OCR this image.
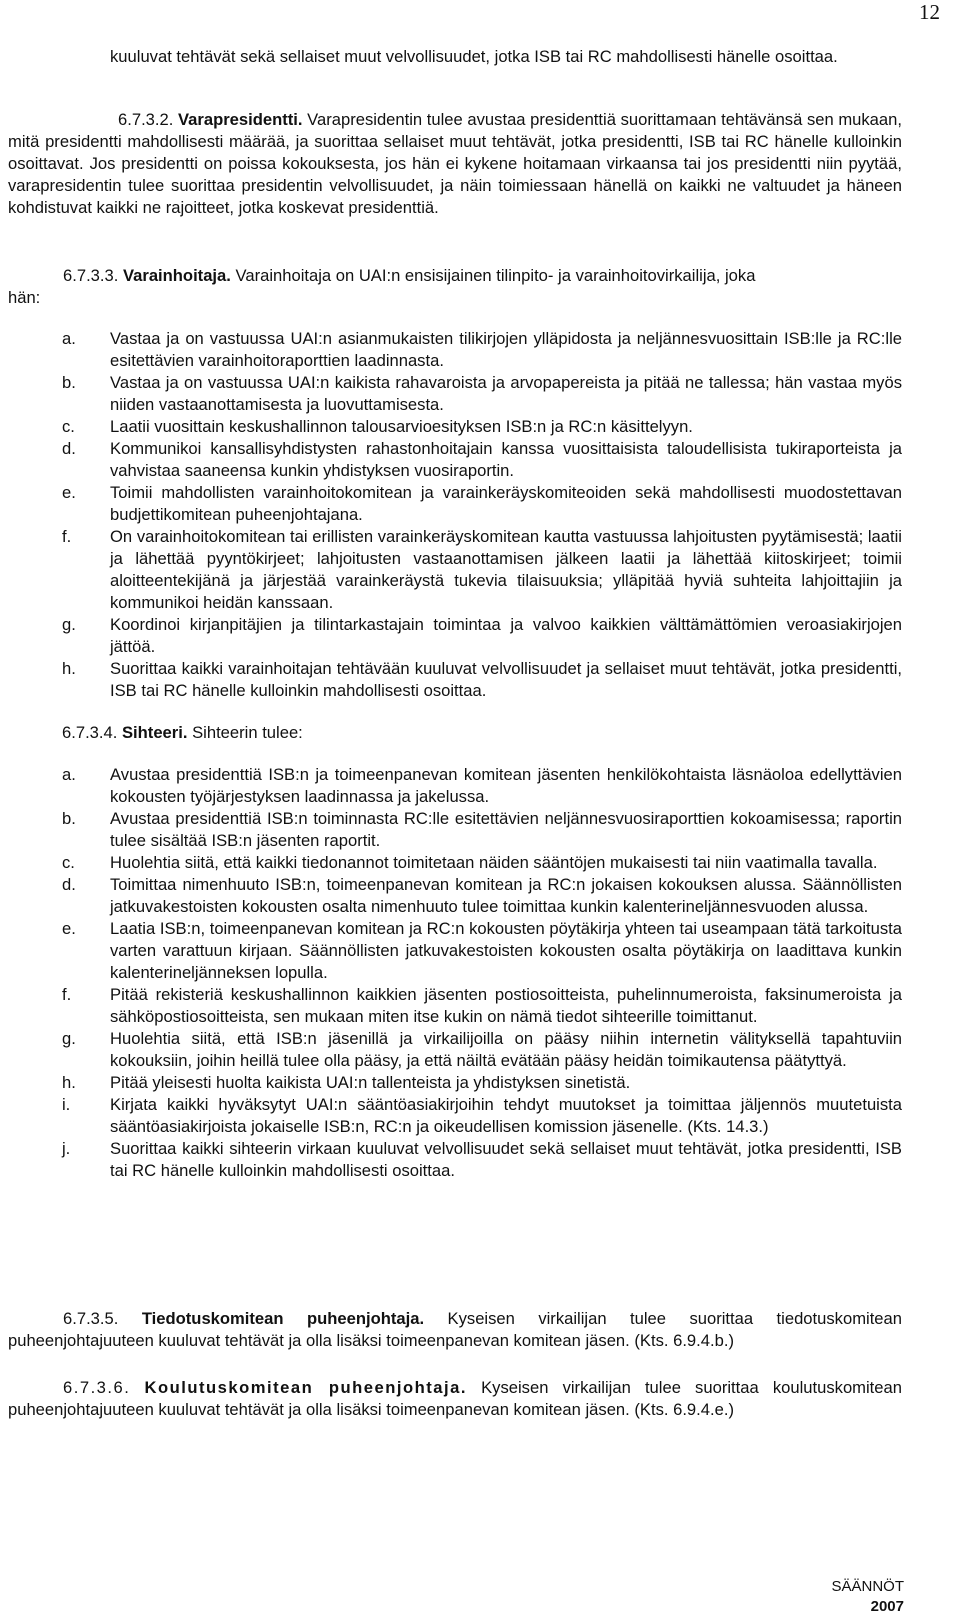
12

kuuluvat tehtävät sekä sellaiset muut velvollisuudet, jotka ISB tai RC mahdollisesti hänelle osoittaa.

6.7.3.2. Varapresidentti. Varapresidentin tulee avustaa presidenttiä suorittamaan tehtävänsä sen mukaan, mitä presidentti mahdollisesti määrää, ja suorittaa sellaiset muut tehtävät, jotka presidentti, ISB tai RC hänelle kulloinkin osoittavat. Jos presidentti on poissa kokouksesta, jos hän ei kykene hoitamaan virkaansa tai jos presidentti niin pyytää, varapresidentin tulee suorittaa presidentin velvollisuudet, ja näin toimiessaan hänellä on kaikki ne valtuudet ja häneen kohdistuvat kaikki ne rajoitteet, jotka koskevat presidenttiä.

6.7.3.3. Varainhoitaja. Varainhoitaja on UAI:n ensisijainen tilinpito- ja varainhoitovirkailija, joka
hän:

a. Vastaa ja on vastuussa UAI:n asianmukaisten tilikirjojen ylläpidosta ja neljännesvuosittain ISB:lle ja RC:lle esitettävien varainhoitoraporttien laadinnasta.
b. Vastaa ja on vastuussa UAI:n kaikista rahavaroista ja arvopapereista ja pitää ne tallessa; hän vastaa myös niiden vastaanottamisesta ja luovuttamisesta.
c. Laatii vuosittain keskushallinnon talousarvioesityksen ISB:n ja RC:n käsittelyyn.
d. Kommunikoi kansallisyhdistysten rahastonhoitajain kanssa vuosittaisista taloudellisista tukiraporteista ja vahvistaa saaneensa kunkin yhdistyksen vuosiraportin.
e. Toimii mahdollisten varainhoitokomitean ja varainkeräyskomiteoiden sekä mahdollisesti muodostettavan budjettikomitean puheenjohtajana.
f. On varainhoitokomitean tai erillisten varainkeräyskomitean kautta vastuussa lahjoitusten pyytämisestä; laatii ja lähettää pyyntökirjeet; lahjoitusten vastaanottamisen jälkeen laatii ja lähettää kiitoskirjeet; toimii aloitteentekijänä ja järjestää varainkeräystä tukevia tilaisuuksia; ylläpitää hyviä suhteita lahjoittajiin ja kommunikoi heidän kanssaan.
g. Koordinoi kirjanpitäjien ja tilintarkastajain toimintaa ja valvoo kaikkien välttämättömien veroasiakirjojen jättöä.
h. Suorittaa kaikki varainhoitajan tehtävään kuuluvat velvollisuudet ja sellaiset muut tehtävät, jotka presidentti, ISB tai RC hänelle kulloinkin mahdollisesti osoittaa.

6.7.3.4. Sihteeri. Sihteerin tulee:

a. Avustaa presidenttiä ISB:n ja toimeenpanevan komitean jäsenten henkilökohtaista läsnäoloa edellyttävien kokousten työjärjestyksen laadinnassa ja jakelussa.
b. Avustaa presidenttiä ISB:n toiminnasta RC:lle esitettävien neljännesvuosiraporttien kokoamisessa; raportin tulee sisältää ISB:n jäsenten raportit.
c. Huolehtia siitä, että kaikki tiedonannot toimitetaan näiden sääntöjen mukaisesti tai niin vaatimalla tavalla.
d. Toimittaa nimenhuuto ISB:n, toimeenpanevan komitean ja RC:n jokaisen kokouksen alussa. Säännöllisten jatkuvakestoisten kokousten osalta nimenhuuto tulee toimittaa kunkin kalenterineljännesvuoden alussa.
e. Laatia ISB:n, toimeenpanevan komitean ja RC:n kokousten pöytäkirja yhteen tai useampaan tätä tarkoitusta varten varattuun kirjaan. Säännöllisten jatkuvakestoisten kokousten osalta pöytäkirja on laadittava kunkin kalenterineljänneksen lopulla.
f. Pitää rekisteriä keskushallinnon kaikkien jäsenten postiosoitteista, puhelinnumeroista, faksinumeroista ja sähköpostiosoitteista, sen mukaan miten itse kukin on nämä tiedot sihteerille toimittanut.
g. Huolehtia siitä, että ISB:n jäsenillä ja virkailijoilla on pääsy niihin internetin välityksellä tapahtuviin kokouksiin, joihin heillä tulee olla pääsy, ja että näiltä evätään pääsy heidän toimikautensa päätyttyä.
h. Pitää yleisesti huolta kaikista UAI:n tallenteista ja yhdistyksen sinetistä.
i. Kirjata kaikki hyväksytyt UAI:n sääntöasiakirjoihin tehdyt muutokset ja toimittaa jäljennös muutetuista sääntöasiakirjoista jokaiselle ISB:n, RC:n ja oikeudellisen komission jäsenelle. (Kts. 14.3.)
j. Suorittaa kaikki sihteerin virkaan kuuluvat velvollisuudet sekä sellaiset muut tehtävät, jotka presidentti, ISB tai RC hänelle kulloinkin mahdollisesti osoittaa.

6.7.3.5. Tiedotuskomitean puheenjohtaja. Kyseisen virkailijan tulee suorittaa tiedotuskomitean puheenjohtajuuteen kuuluvat tehtävät ja olla lisäksi toimeenpanevan komitean jäsen. (Kts. 6.9.4.b.)

6.7.3.6. Koulutuskomitean puheenjohtaja. Kyseisen virkailijan tulee suorittaa koulutuskomitean puheenjohtajuuteen kuuluvat tehtävät ja olla lisäksi toimeenpanevan komitean jäsen. (Kts. 6.9.4.e.)

SÄÄNNÖT
2007
